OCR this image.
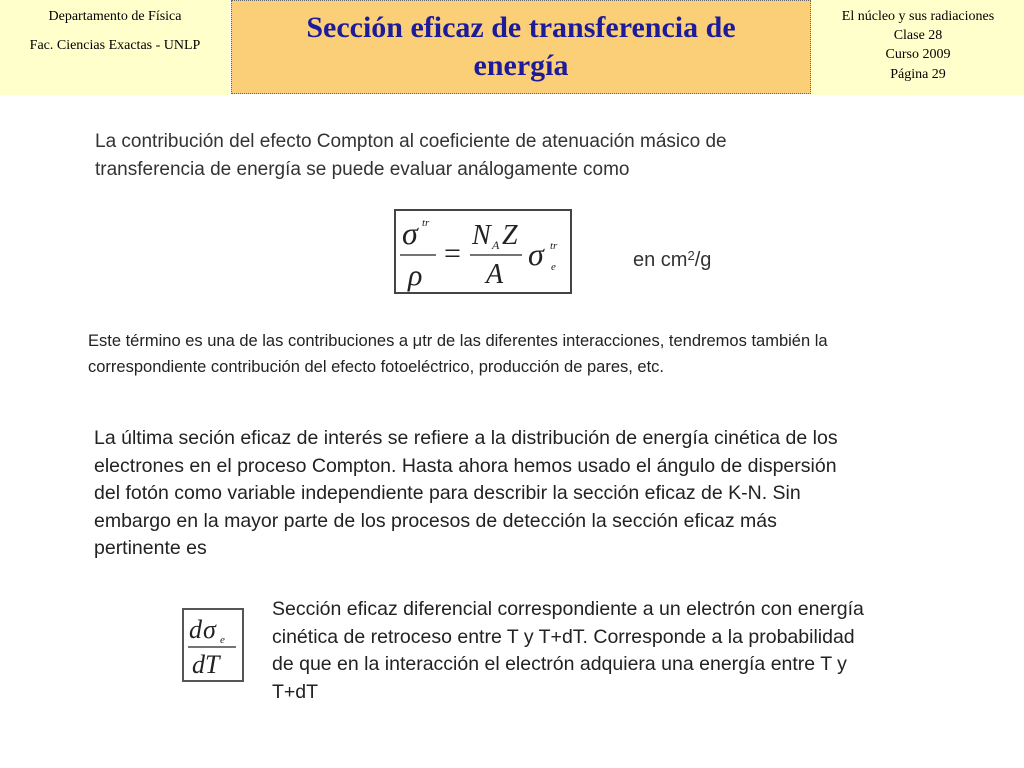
Departamento de Física
Fac. Ciencias Exactas - UNLP
Sección eficaz de transferencia de
energía
El núcleo y sus radiaciones
Clase 28
Curso 2009
Página 29
La contribución del efecto Compton al coeficiente de atenuación másico de
transferencia de energía se puede evaluar análogamente como
σ tr
ρ
=
N A Z
A
σ tr
e	en $cm^2/g$
Este término es una de las contribuciones a μtr de las diferentes interacciones, tendremos también la
correspondiente contribución del efecto fotoeléctrico, producción de pares, etc.
La última seción eficaz de interés se refiere a la distribución de energía cinética de los
electrones en el proceso Compton. Hasta ahora hemos usado el ángulo de dispersión
del fotón como variable independiente para describir la sección eficaz de K-N. Sin
embargo en la mayor parte de los procesos de detección la sección eficaz más
pertinente es
d σ e
dT
Sección eficaz diferencial correspondiente a un electrón con energía
cinética de retroceso entre T y T+dT. Corresponde a la probabilidad
de que en la interacción el electrón adquiera una energía entre T y
T+dT
